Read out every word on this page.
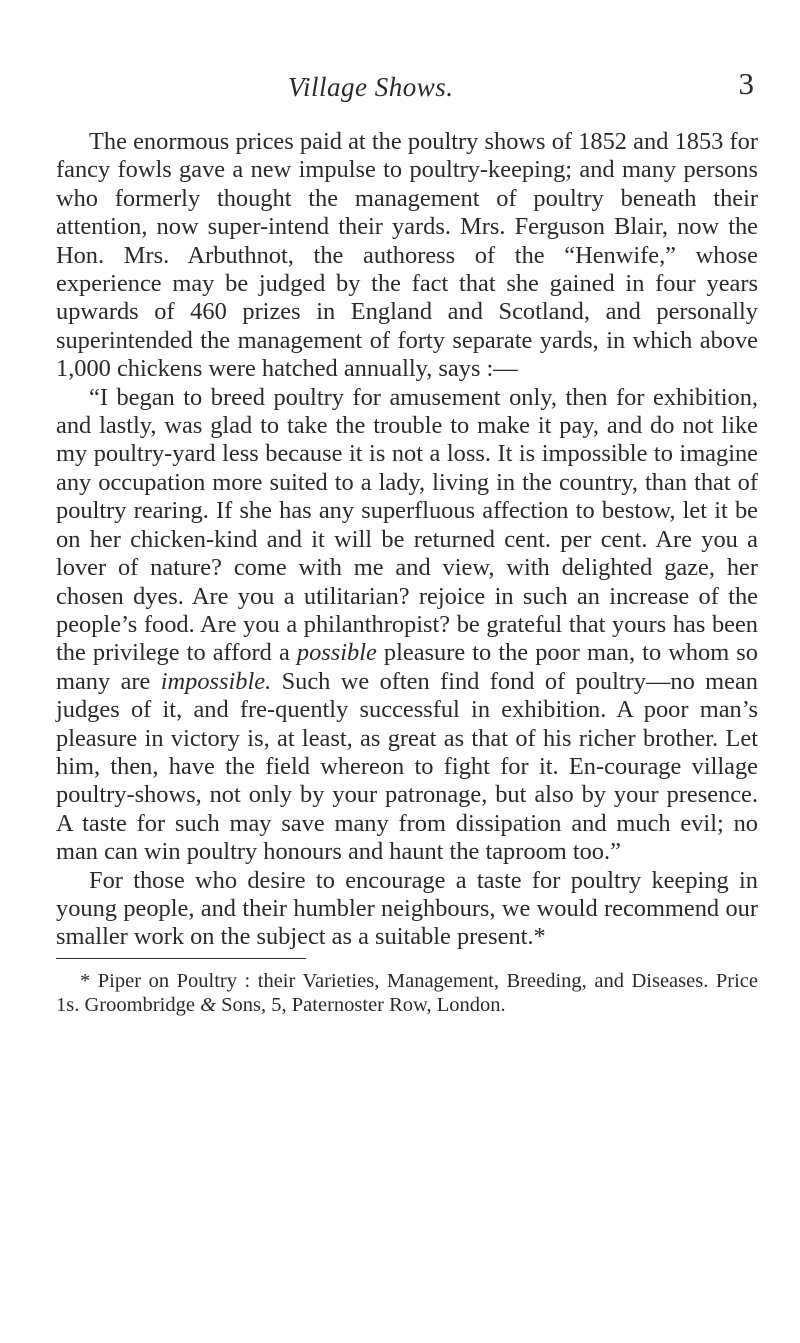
Village Shows.	3

The enormous prices paid at the poultry shows of 1852 and 1853 for fancy fowls gave a new impulse to poultry-keeping; and many persons who formerly thought the management of poultry beneath their attention, now super-intend their yards. Mrs. Ferguson Blair, now the Hon. Mrs. Arbuthnot, the authoress of the “Henwife,” whose experience may be judged by the fact that she gained in four years upwards of 460 prizes in England and Scotland, and personally superintended the management of forty separate yards, in which above 1,000 chickens were hatched annually, says :—

“I began to breed poultry for amusement only, then for exhibition, and lastly, was glad to take the trouble to make it pay, and do not like my poultry-yard less because it is not a loss. It is impossible to imagine any occupation more suited to a lady, living in the country, than that of poultry rearing. If she has any superfluous affection to bestow, let it be on her chicken-kind and it will be returned cent. per cent. Are you a lover of nature? come with me and view, with delighted gaze, her chosen dyes. Are you a utilitarian? rejoice in such an increase of the people’s food. Are you a philanthropist? be grateful that yours has been the privilege to afford a possible pleasure to the poor man, to whom so many are impossible. Such we often find fond of poultry—no mean judges of it, and fre-quently successful in exhibition. A poor man’s pleasure in victory is, at least, as great as that of his richer brother. Let him, then, have the field whereon to fight for it. En-courage village poultry-shows, not only by your patronage, but also by your presence. A taste for such may save many from dissipation and much evil; no man can win poultry honours and haunt the taproom too.”

For those who desire to encourage a taste for poultry keeping in young people, and their humbler neighbours, we would recommend our smaller work on the subject as a suitable present.*

* Piper on Poultry : their Varieties, Management, Breeding, and Diseases. Price 1s. Groombridge & Sons, 5, Paternoster Row, London.
